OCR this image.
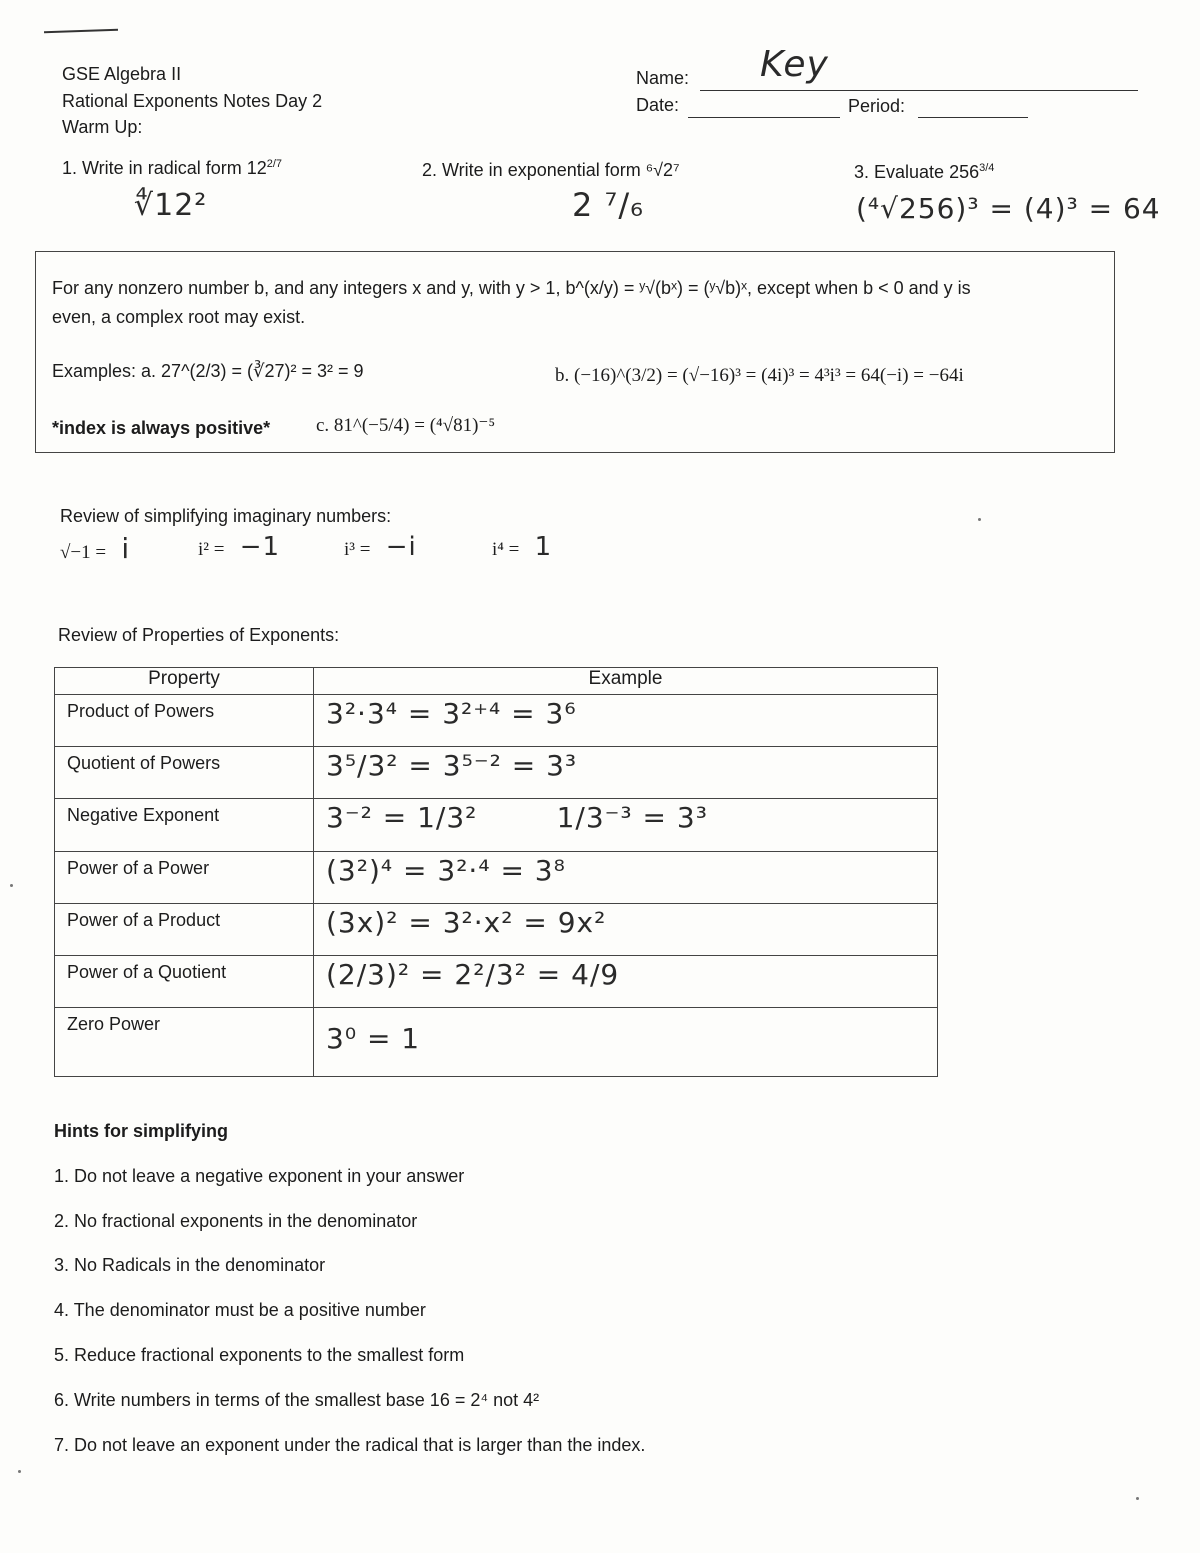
GSE Algebra II
Rational Exponents Notes Day 2
Warm Up:
Name: Key
Date:	Period:
1. Write in radical form $12^{2/7}$
∜12²
2. Write in exponential form ⁶√2⁷
2 ⁷/₆
3. Evaluate $256^{3/4}$
(⁴√256)³ = (4)³ = 64
For any nonzero number b, and any integers x and y, with y > 1, b^(x/y) = ʸ√(bˣ) = (ʸ√b)ˣ, except when b < 0 and y is
even, a complex root may exist.
Examples: a. 27^(2/3) = (∛27)² = 3² = 9	b. (−16)^(3/2) = (√−16)³ = (4i)³ = 4³i³ = 64(−i) = −64i
*index is always positive* c. 81^(−5/4) = (⁴√81)⁻⁵
Review of simplifying imaginary numbers:
√−1 = i	i² = −1	i³ = −i	i⁴ = 1
Review of Properties of Exponents:
Property	Example
Product of Powers	3²·3⁴ = 3²⁺⁴ = 3⁶
Quotient of Powers	3⁵/3² = 3⁵⁻² = 3³
Negative Exponent	3⁻² = 1/3²        1/3⁻³ = 3³
Power of a Power	(3²)⁴ = 3²·⁴ = 3⁸
Power of a Product	(3x)² = 3²·x² = 9x²
Power of a Quotient	(2/3)² = 2²/3² = 4/9
Zero Power	3⁰ = 1
Hints for simplifying
1. Do not leave a negative exponent in your answer
2. No fractional exponents in the denominator
3. No Radicals in the denominator
4. The denominator must be a positive number
5. Reduce fractional exponents to the smallest form
6. Write numbers in terms of the smallest base 16 = 2⁴ not 4²
7. Do not leave an exponent under the radical that is larger than the index.
